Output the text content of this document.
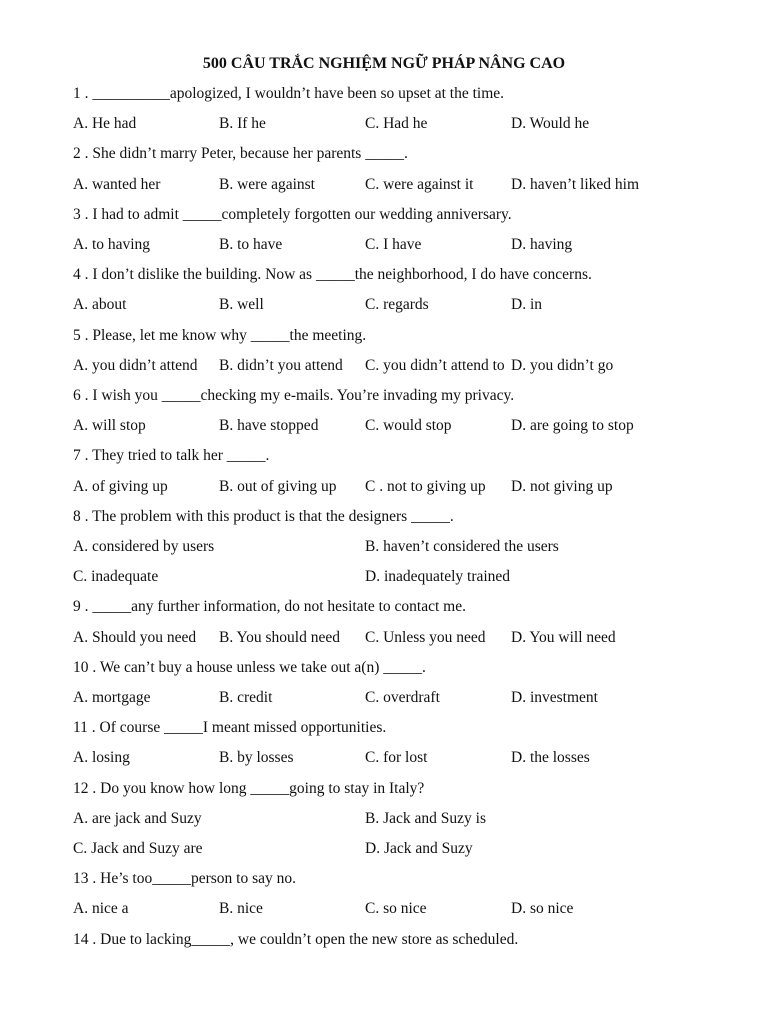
500 CÂU TRẮC NGHIỆM NGỮ PHÁP NÂNG CAO
1 . __________apologized, I wouldn’t have been so upset at the time.
A. He had	B. If he	C. Had he	D. Would he
2 . She didn’t marry Peter, because her parents _____.
A. wanted her	B. were against	C. were against it D. haven’t liked him
3 . I had to admit _____completely forgotten our wedding anniversary.
A. to having	B. to have	C. I have	D. having
4 . I don’t dislike the building. Now as _____the neighborhood, I do have concerns.
A. about	B. well	C. regards	D. in
5 . Please, let me know why _____the meeting.
A. you didn’t attend B. didn’t you attend C. you didn’t attend to D. you didn’t go
6 . I wish you _____checking my e-mails. You’re invading my privacy.
A. will stop	B. have stopped	C. would stop	D. are going to stop
7 . They tried to talk her _____.
A. of giving up	B. out of giving up C . not to giving up D. not giving up
8 . The problem with this product is that the designers _____.
A. considered by users	B. haven’t considered the users
C. inadequate	D. inadequately trained
9 . _____any further information, do not hesitate to contact me.
A. Should you need B. You should need C. Unless you need D. You will need
10 . We can’t buy a house unless we take out a(n) _____.
A. mortgage	B. credit	C. overdraft	D. investment
11 . Of course _____I meant missed opportunities.
A. losing	B. by losses	C. for lost	D. the losses
12 . Do you know how long _____going to stay in Italy?
A. are jack and Suzy	B. Jack and Suzy is
C. Jack and Suzy are	D. Jack and Suzy
13 . He’s too_____person to say no.
A. nice a	B. nice	C. so nice	D. so nice
14 . Due to lacking_____, we couldn’t open the new store as scheduled.
